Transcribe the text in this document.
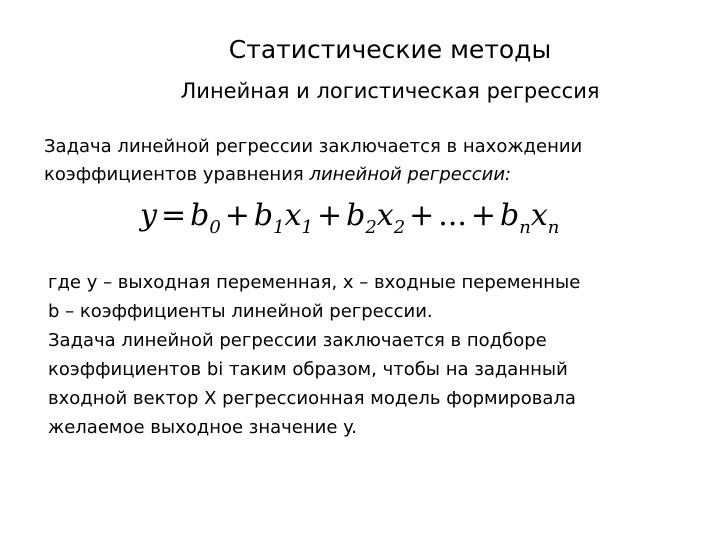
Статистические методы
Линейная и логистическая регрессия
Задача линейной регрессии заключается в нахождении
коэффициентов уравнения линейной регрессии:
$y = b_0 + b_1x_1 + b_2x_2$ + ... + $b_nx_n$
где y – выходная переменная, x – входные переменные
b – коэффициенты линейной регрессии.
Задача линейной регрессии заключается в подборе
коэффициентов bi таким образом, чтобы на заданный
входной вектор X регрессионная модель формировала
желаемое выходное значение y.
